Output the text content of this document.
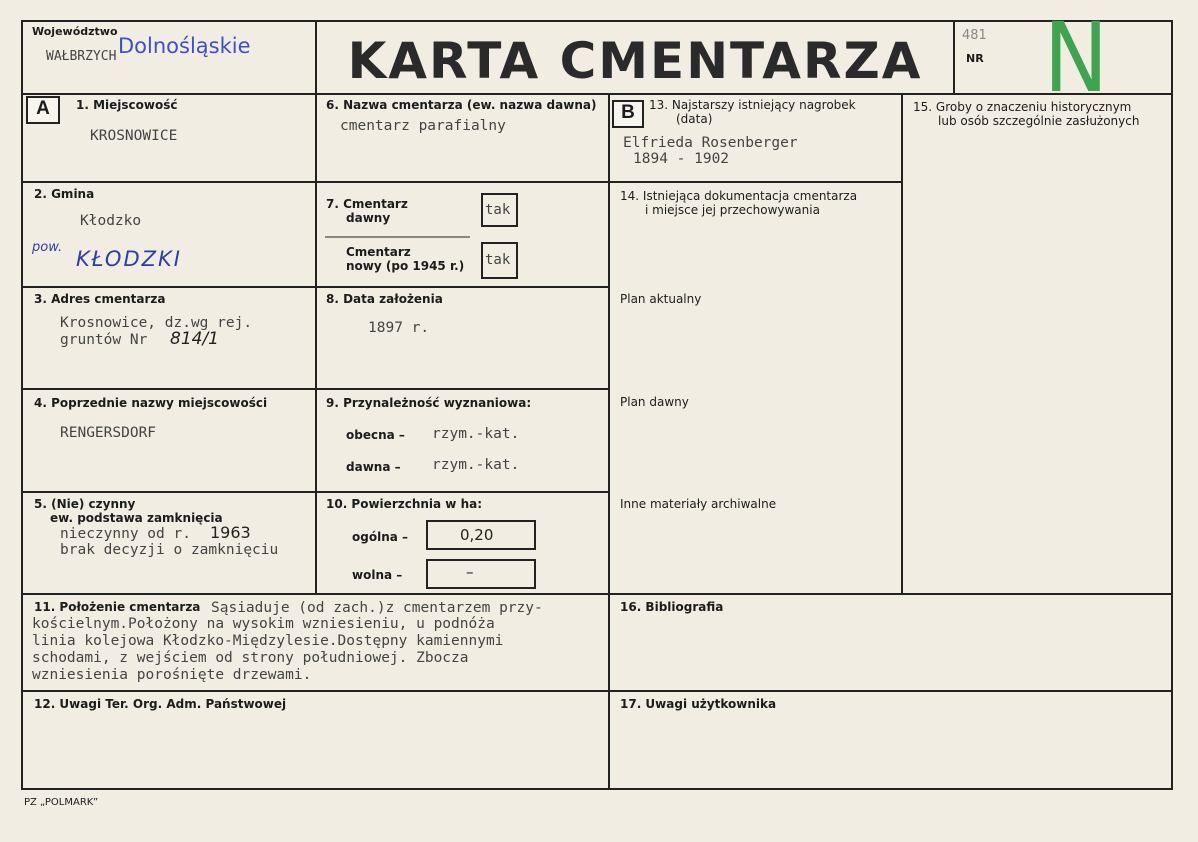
Województwo
WAŁBRZYCH Dolnośląskie	KARTA CMENTARZA	481
NR N
A	1. Miejscowość
KROSNOWICE
2. Gmina
Kłodzko
pow. KŁODZKI
3. Adres cmentarza
Krosnowice, dz.wg rej.
gruntów Nr 814/1
4. Poprzednie nazwy miejscowości
RENGERSDORF
5. (Nie) czynny
ew. podstawa zamknięcia
nieczynny od r. 1963
brak decyzji o zamknięciu
6. Nazwa cmentarza (ew. nazwa dawna)
cmentarz parafialny
7. Cmentarz
dawny	tak
Cmentarz
nowy (po 1945 r.) tak
8. Data założenia
1897 r.
9. Przynależność wyznaniowa:
obecna – rzym.-kat.
dawna – rzym.-kat.
10. Powierzchnia w ha:
ogólna –	0,20
wolna –	–
11. Położenie cmentarza Sąsiaduje (od zach.)z cmentarzem przy-
kościelnym.Położony na wysokim wzniesieniu, u podnóża
linia kolejowa Kłodzko-Międzylesie.Dostępny kamiennymi
schodami, z wejściem od strony południowej. Zbocza
wzniesienia porośnięte drzewami.
12. Uwagi Ter. Org. Adm. Państwowej
B	13. Najstarszy istniejący nagrobek
(data)
Elfrieda Rosenberger
1894 - 1902
14. Istniejąca dokumentacja cmentarza
i miejsce jej przechowywania
Plan aktualny
Plan dawny
Inne materiały archiwalne
15. Groby o znaczeniu historycznym
lub osób szczególnie zasłużonych
16. Bibliografia
17. Uwagi użytkownika
PZ „POLMARK”
